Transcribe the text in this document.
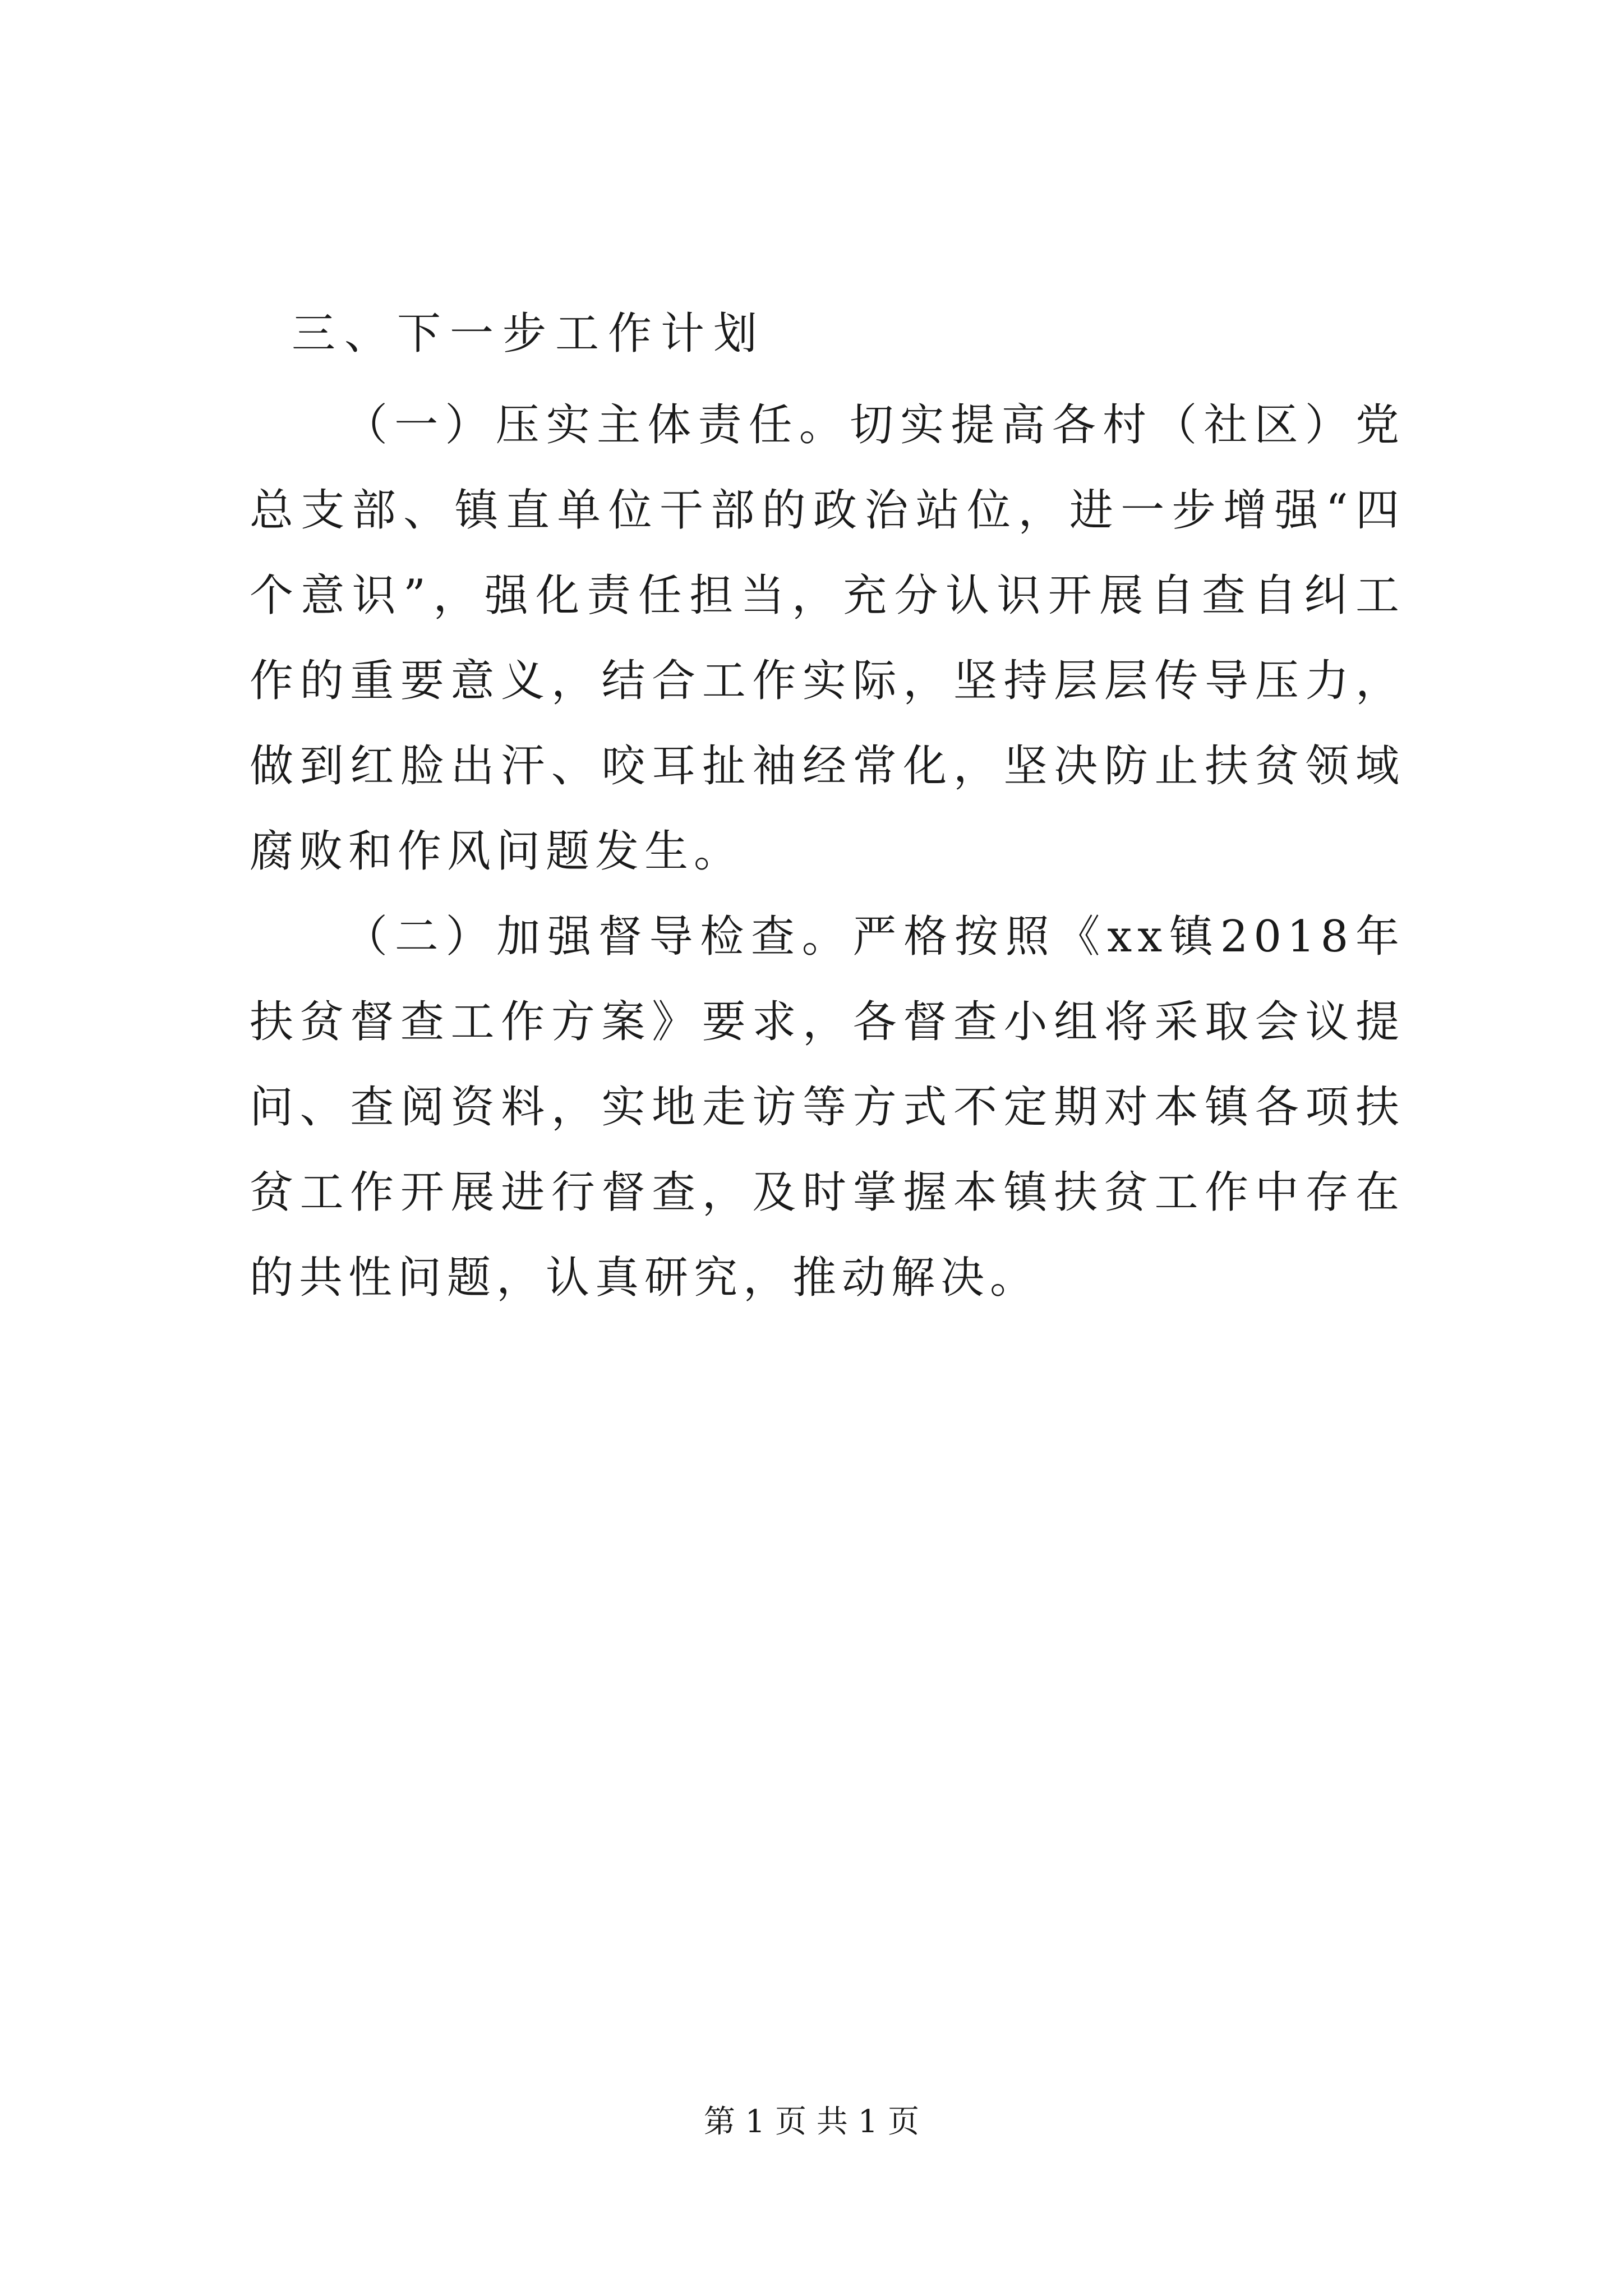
三、下一步工作计划

（一）压实主体责任。切实提高各村（社区）党总支部、镇直单位干部的政治站位，进一步增强“四个意识”，强化责任担当，充分认识开展自查自纠工作的重要意义，结合工作实际，坚持层层传导压力，做到红脸出汗、咬耳扯袖经常化，坚决防止扶贫领域腐败和作风问题发生。

（二）加强督导检查。严格按照《xx镇2018年扶贫督查工作方案》要求，各督查小组将采取会议提问、查阅资料，实地走访等方式不定期对本镇各项扶贫工作开展进行督查，及时掌握本镇扶贫工作中存在的共性问题，认真研究，推动解决。

第 1 页 共 1 页
